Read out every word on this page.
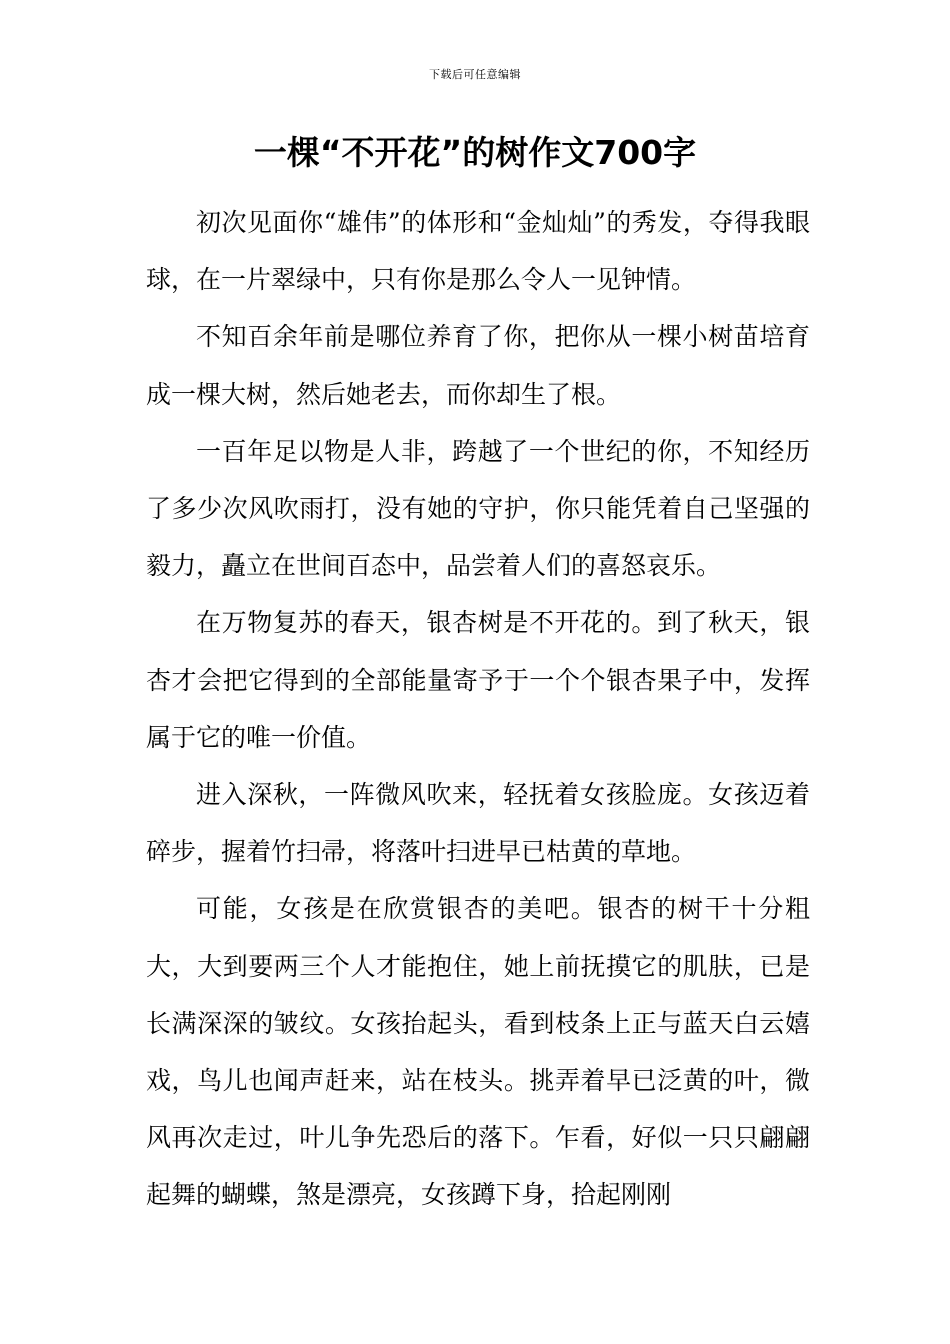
下载后可任意编辑
一棵“不开花”的树作文700字

初次见面你“雄伟”的体形和“金灿灿”的秀发，夺得我眼球，在一片翠绿中，只有你是那么令人一见钟情。

不知百余年前是哪位养育了你，把你从一棵小树苗培育成一棵大树，然后她老去，而你却生了根。

一百年足以物是人非，跨越了一个世纪的你，不知经历了多少次风吹雨打，没有她的守护，你只能凭着自己坚强的毅力，矗立在世间百态中，品尝着人们的喜怒哀乐。

在万物复苏的春天，银杏树是不开花的。到了秋天，银杏才会把它得到的全部能量寄予于一个个银杏果子中，发挥属于它的唯一价值。

进入深秋，一阵微风吹来，轻抚着女孩脸庞。女孩迈着碎步，握着竹扫帚，将落叶扫进早已枯黄的草地。

可能，女孩是在欣赏银杏的美吧。银杏的树干十分粗大，大到要两三个人才能抱住，她上前抚摸它的肌肤，已是长满深深的皱纹。女孩抬起头，看到枝条上正与蓝天白云嬉戏，鸟儿也闻声赶来，站在枝头。挑弄着早已泛黄的叶，微风再次走过，叶儿争先恐后的落下。乍看，好似一只只翩翩起舞的蝴蝶，煞是漂亮，女孩蹲下身，拾起刚刚
